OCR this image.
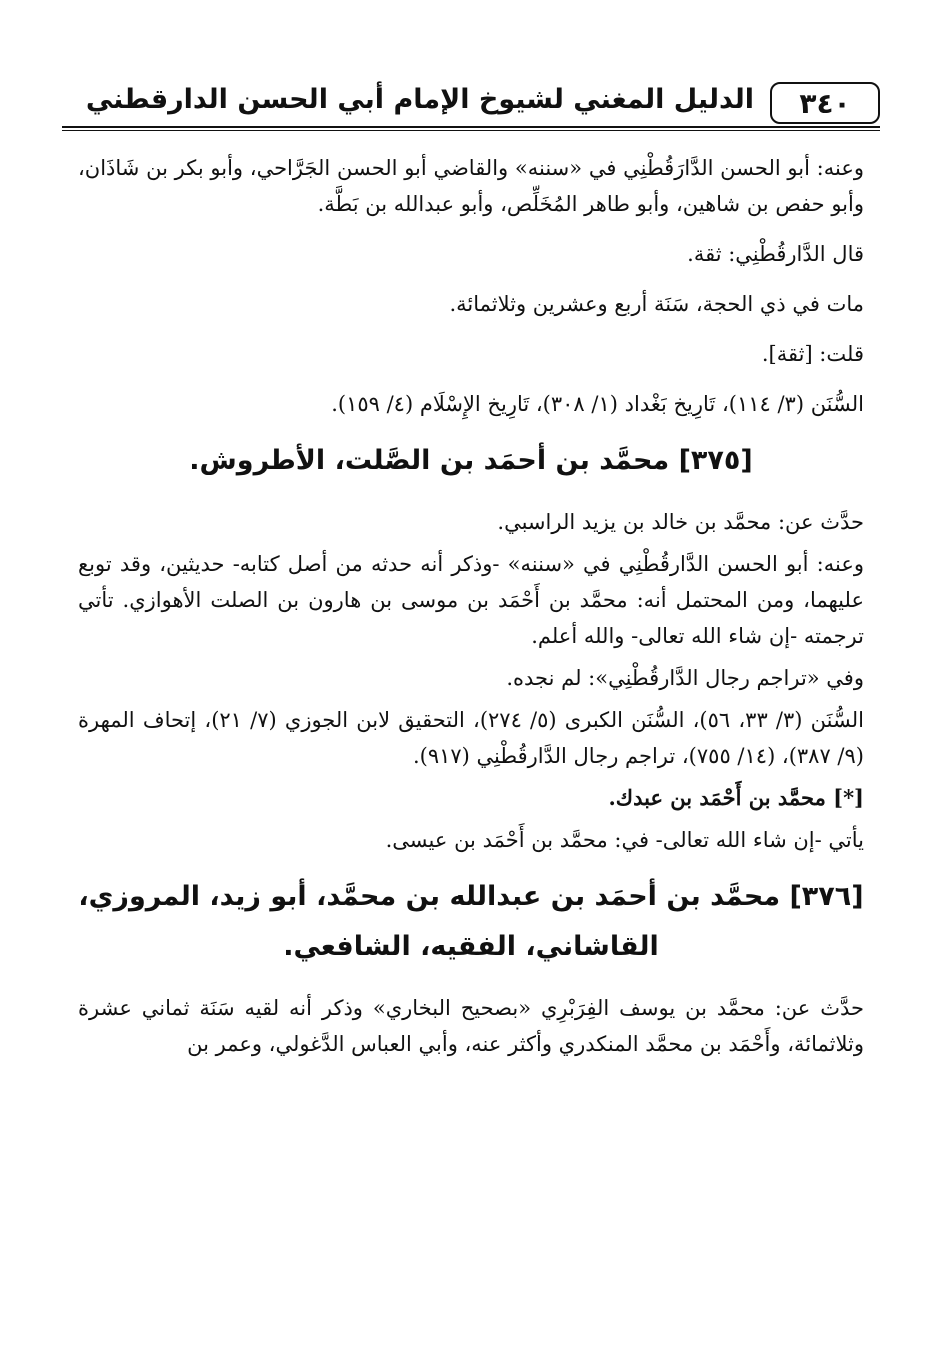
٣٤٠
الدليل المغني لشيوخ الإمام أبي الحسن الدارقطني

وعنه: أبو الحسن الدَّارَقُطْنِي في «سننه» والقاضي أبو الحسن الجَرَّاحي، وأبو بكر بن شَاذَان، وأبو حفص بن شاهين، وأبو طاهر المُخَلِّص، وأبو عبدالله بن بَطَّة.

قال الدَّارقُطْنِي: ثقة.

مات في ذي الحجة، سَنَة أربع وعشرين وثلاثمائة.

قلت: [ثقة].

السُّنَن (٣/ ١١٤)، تَارِيخ بَغْداد (١/ ٣٠٨)، تَارِيخ الإِسْلَام (٤/ ١٥٩).

[٣٧٥] محمَّد بن أحمَد بن الصَّلت، الأطروش.

حدَّث عن: محمَّد بن خالد بن يزيد الراسبي.

وعنه: أبو الحسن الدَّارقُطْنِي في «سننه» -وذكر أنه حدثه من أصل كتابه- حديثين، وقد توبع عليهما، ومن المحتمل أنه: محمَّد بن أَحْمَد بن موسى بن هارون بن الصلت الأهوازي. تأتي ترجمته -إن شاء الله تعالى- والله أعلم.

وفي «تراجم رجال الدَّارقُطْنِي»: لم نجده.

السُّنَن (٣/ ٣٣، ٥٦)، السُّنَن الكبرى (٥/ ٢٧٤)، التحقيق لابن الجوزي (٧/ ٢١)، إتحاف المهرة (٩/ ٣٨٧)، (١٤/ ٧٥٥)، تراجم رجال الدَّارقُطْنِي (٩١٧).

[*] محمَّد بن أَحْمَد بن عبدك.

يأتي -إن شاء الله تعالى- في: محمَّد بن أَحْمَد بن عيسى.

[٣٧٦] محمَّد بن أحمَد بن عبدالله بن محمَّد، أبو زيد، المروزي، القاشاني، الفقيه، الشافعي.

حدَّث عن: محمَّد بن يوسف الفِرَبْرِي «بصحيح البخاري» وذكر أنه لقيه سَنَة ثماني عشرة وثلاثمائة، وأَحْمَد بن محمَّد المنكدري وأكثر عنه، وأبي العباس الدَّغولي، وعمر بن
